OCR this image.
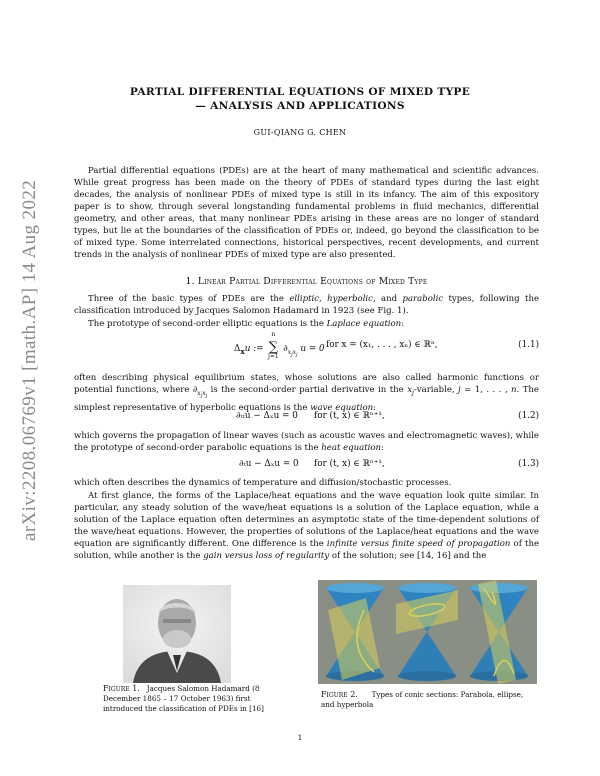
arXiv:2208.06769v1 [math.AP] 14 Aug 2022
PARTIAL DIFFERENTIAL EQUATIONS OF MIXED TYPE
— ANALYSIS AND APPLICATIONS
GUI-QIANG G. CHEN
Partial differential equations (PDEs) are at the heart of many mathematical and scientific advances. While great progress has been made on the theory of PDEs of standard types during the last eight decades, the analysis of nonlinear PDEs of mixed type is still in its infancy. The aim of this expository paper is to show, through several longstanding fundamental problems in fluid mechanics, differential geometry, and other areas, that many nonlinear PDEs arising in these areas are no longer of standard types, but lie at the boundaries of the classification of PDEs or, indeed, go beyond the classification to be of mixed type. Some interrelated connections, historical perspectives, recent developments, and current trends in the analysis of nonlinear PDEs of mixed type are also presented.
1. Linear Partial Differential Equations of Mixed Type
Three of the basic types of PDEs are the elliptic, hyperbolic, and parabolic types, following the classification introduced by Jacques Salomon Hadamard in 1923 (see Fig. 1).
The prototype of second-order elliptic equations is the Laplace equation:
$\Delta_xu$ :=
n
∑
j=1
$\partial_{x_jx_j}$ u = 0 for x = (x₁, . . . , xₙ) ∈ ℝⁿ,	(1.1)
often describing physical equilibrium states, whose solutions are also called harmonic functions or potential functions, where $\partial_{x_jx_j}$ is the second-order partial derivative in the $x_j$-variable, j = 1, . . . , n. The simplest representative of hyperbolic equations is the wave equation:
∂ₜₜu − Δₓu = 0 for (t, x) ∈ ℝⁿ⁺¹,	(1.2)
which governs the propagation of linear waves (such as acoustic waves and electromagnetic waves), while the prototype of second-order parabolic equations is the heat equation:
∂ₜu − Δₓu = 0 for (t, x) ∈ ℝⁿ⁺¹,	(1.3)
which often describes the dynamics of temperature and diffusion/stochastic processes.
At first glance, the forms of the Laplace/heat equations and the wave equation look quite similar. In particular, any steady solution of the wave/heat equations is a solution of the Laplace equation, while a solution of the Laplace equation often determines an asymptotic state of the time-dependent solutions of the wave/heat equations. However, the properties of solutions of the Laplace/heat equations and the wave equation are significantly different. One difference is the infinite versus finite speed of propagation of the solution, while another is the gain versus loss of regularity of the solution; see [14, 16] and the
Figure 1. Jacques Salomon Hadamard (8 December 1865 – 17 October 1963) first introduced the classification of PDEs in [16]
Figure 2. Types of conic sections: Parabola, ellipse, and hyperbola
1
